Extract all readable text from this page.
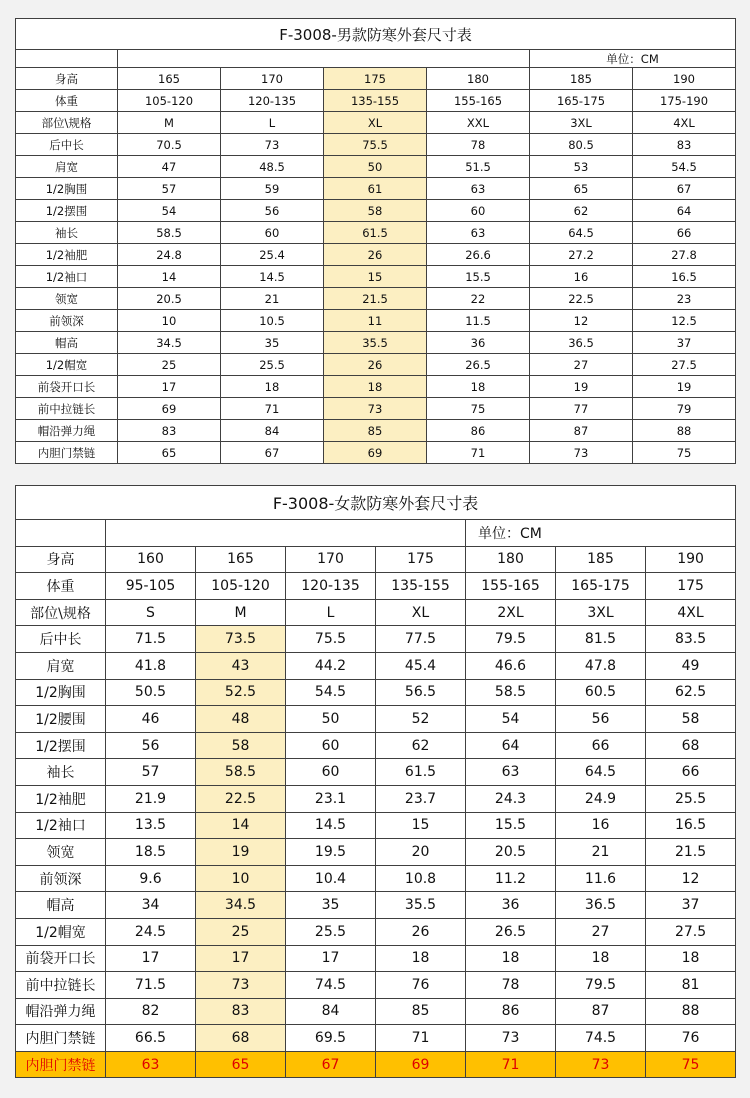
F-3008-男款防寒外套尺寸表						
					单位：CM	
身高	165	170	175	180	185	190
体重	105-120	120-135	135-155	155-165	165-175	175-190
部位\规格	M	L	XL	XXL	3XL	4XL
后中长	70.5	73	75.5	78	80.5	83
肩宽	47	48.5	50	51.5	53	54.5
1/2胸围	57	59	61	63	65	67
1/2摆围	54	56	58	60	62	64
袖长	58.5	60	61.5	63	64.5	66
1/2袖肥	24.8	25.4	26	26.6	27.2	27.8
1/2袖口	14	14.5	15	15.5	16	16.5
领宽	20.5	21	21.5	22	22.5	23
前领深	10	10.5	11	11.5	12	12.5
帽高	34.5	35	35.5	36	36.5	37
1/2帽宽	25	25.5	26	26.5	27	27.5
前袋开口长	17	18	18	18	19	19
前中拉链长	69	71	73	75	77	79
帽沿弹力绳	83	84	85	86	87	88
内胆门禁链	65	67	69	71	73	75
F-3008-女款防寒外套尺寸表							
					单位：CM		
身高	160	165	170	175	180	185	190
体重	95-105	105-120	120-135	135-155	155-165	165-175	175
部位\规格	S	M	L	XL	2XL	3XL	4XL
后中长	71.5	73.5	75.5	77.5	79.5	81.5	83.5
肩宽	41.8	43	44.2	45.4	46.6	47.8	49
1/2胸围	50.5	52.5	54.5	56.5	58.5	60.5	62.5
1/2腰围	46	48	50	52	54	56	58
1/2摆围	56	58	60	62	64	66	68
袖长	57	58.5	60	61.5	63	64.5	66
1/2袖肥	21.9	22.5	23.1	23.7	24.3	24.9	25.5
1/2袖口	13.5	14	14.5	15	15.5	16	16.5
领宽	18.5	19	19.5	20	20.5	21	21.5
前领深	9.6	10	10.4	10.8	11.2	11.6	12
帽高	34	34.5	35	35.5	36	36.5	37
1/2帽宽	24.5	25	25.5	26	26.5	27	27.5
前袋开口长	17	17	17	18	18	18	18
前中拉链长	71.5	73	74.5	76	78	79.5	81
帽沿弹力绳	82	83	84	85	86	87	88
内胆门禁链	66.5	68	69.5	71	73	74.5	76
内胆门禁链	63	65	67	69	71	73	75
